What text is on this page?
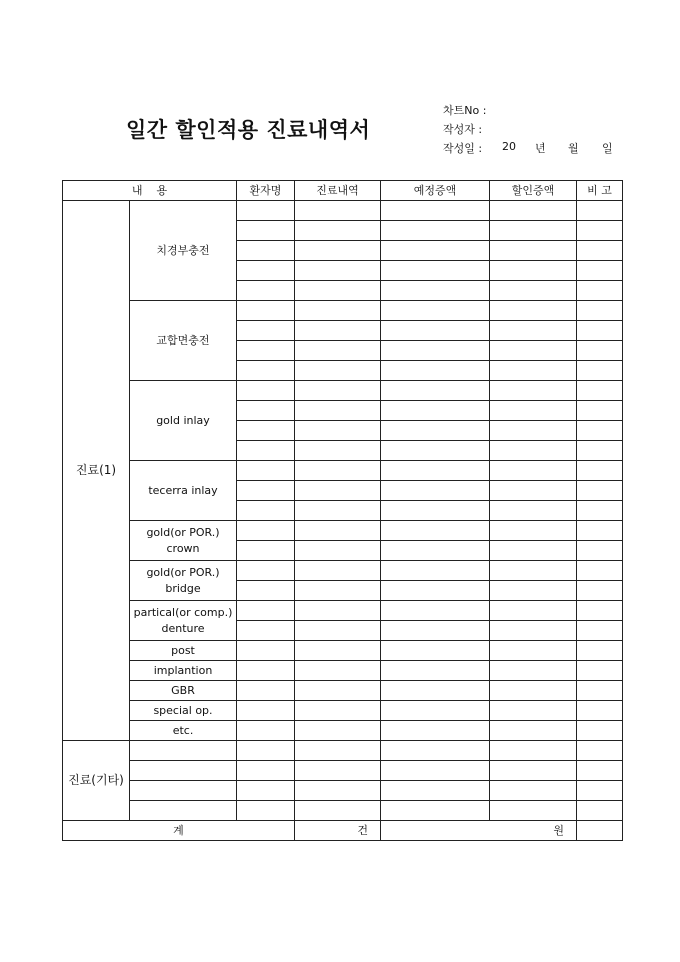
일간 할인적용 진료내역서
차트No :
작성자 :
작성일 : 20 년 월 일
내    용		환자명	진료내역	예정증액	할인증액	비 고
진료(1)	치경부충전					

	교합면충전					

	gold inlay					

	tecerra inlay					

	gold(or POR.)
crown					

	gold(or POR.)
bridge					

	partical(or comp.)
denture					

	post					
	implantion					
	GBR					
	special op.					
	etc.					
진료(기타)						

계			건	원		
